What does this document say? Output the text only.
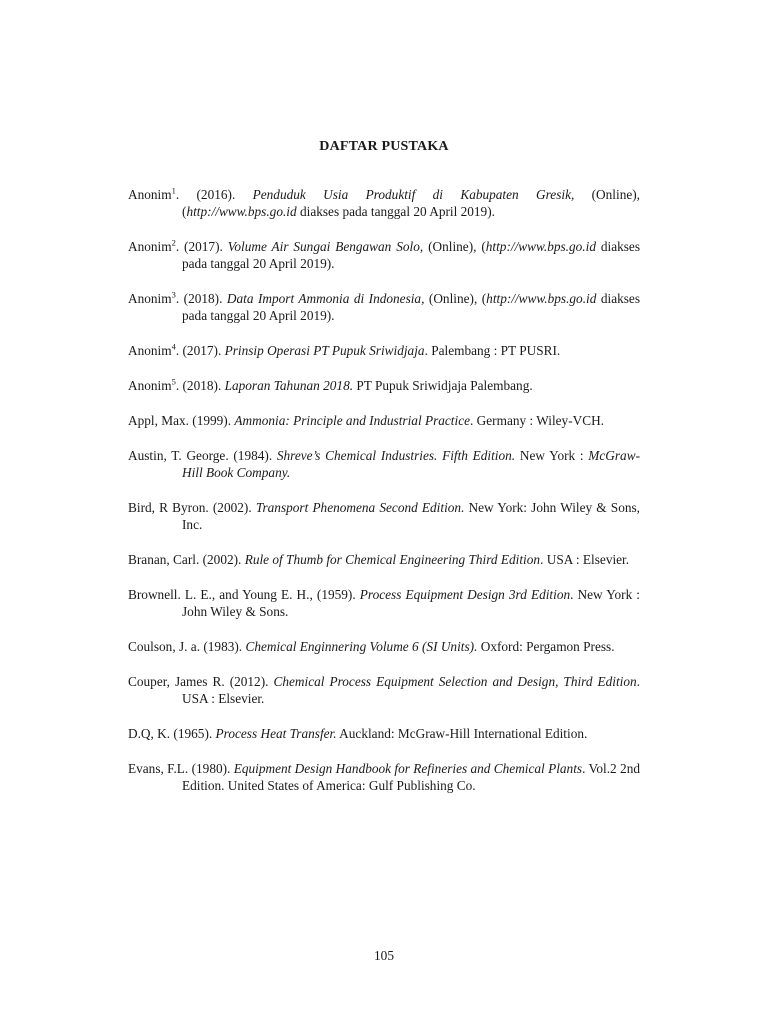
DAFTAR PUSTAKA

Anonim$^1$. (2016). Penduduk Usia Produktif di Kabupaten Gresik, (Online), (http://www.bps.go.id diakses pada tanggal 20 April 2019).

Anonim$^2$. (2017). Volume Air Sungai Bengawan Solo, (Online), (http://www.bps.go.id diakses pada tanggal 20 April 2019).

Anonim$^3$. (2018). Data Import Ammonia di Indonesia, (Online), (http://www.bps.go.id diakses pada tanggal 20 April 2019).

Anonim$^4$. (2017). Prinsip Operasi PT Pupuk Sriwidjaja. Palembang : PT PUSRI.

Anonim$^5$. (2018). Laporan Tahunan 2018. PT Pupuk Sriwidjaja Palembang.

Appl, Max. (1999). Ammonia: Principle and Industrial Practice. Germany : Wiley-VCH.

Austin, T. George. (1984). Shreve’s Chemical Industries. Fifth Edition. New York : McGraw-Hill Book Company.

Bird, R Byron. (2002). Transport Phenomena Second Edition. New York: John Wiley & Sons, Inc.

Branan, Carl. (2002). Rule of Thumb for Chemical Engineering Third Edition. USA : Elsevier.

Brownell. L. E., and Young E. H., (1959). Process Equipment Design 3rd Edition. New York : John Wiley & Sons.

Coulson, J. a. (1983). Chemical Enginnering Volume 6 (SI Units). Oxford: Pergamon Press.

Couper, James R. (2012). Chemical Process Equipment Selection and Design, Third Edition. USA : Elsevier.

D.Q, K. (1965). Process Heat Transfer. Auckland: McGraw-Hill International Edition.

Evans, F.L. (1980). Equipment Design Handbook for Refineries and Chemical Plants. Vol.2 2nd Edition. United States of America: Gulf Publishing Co.

105
